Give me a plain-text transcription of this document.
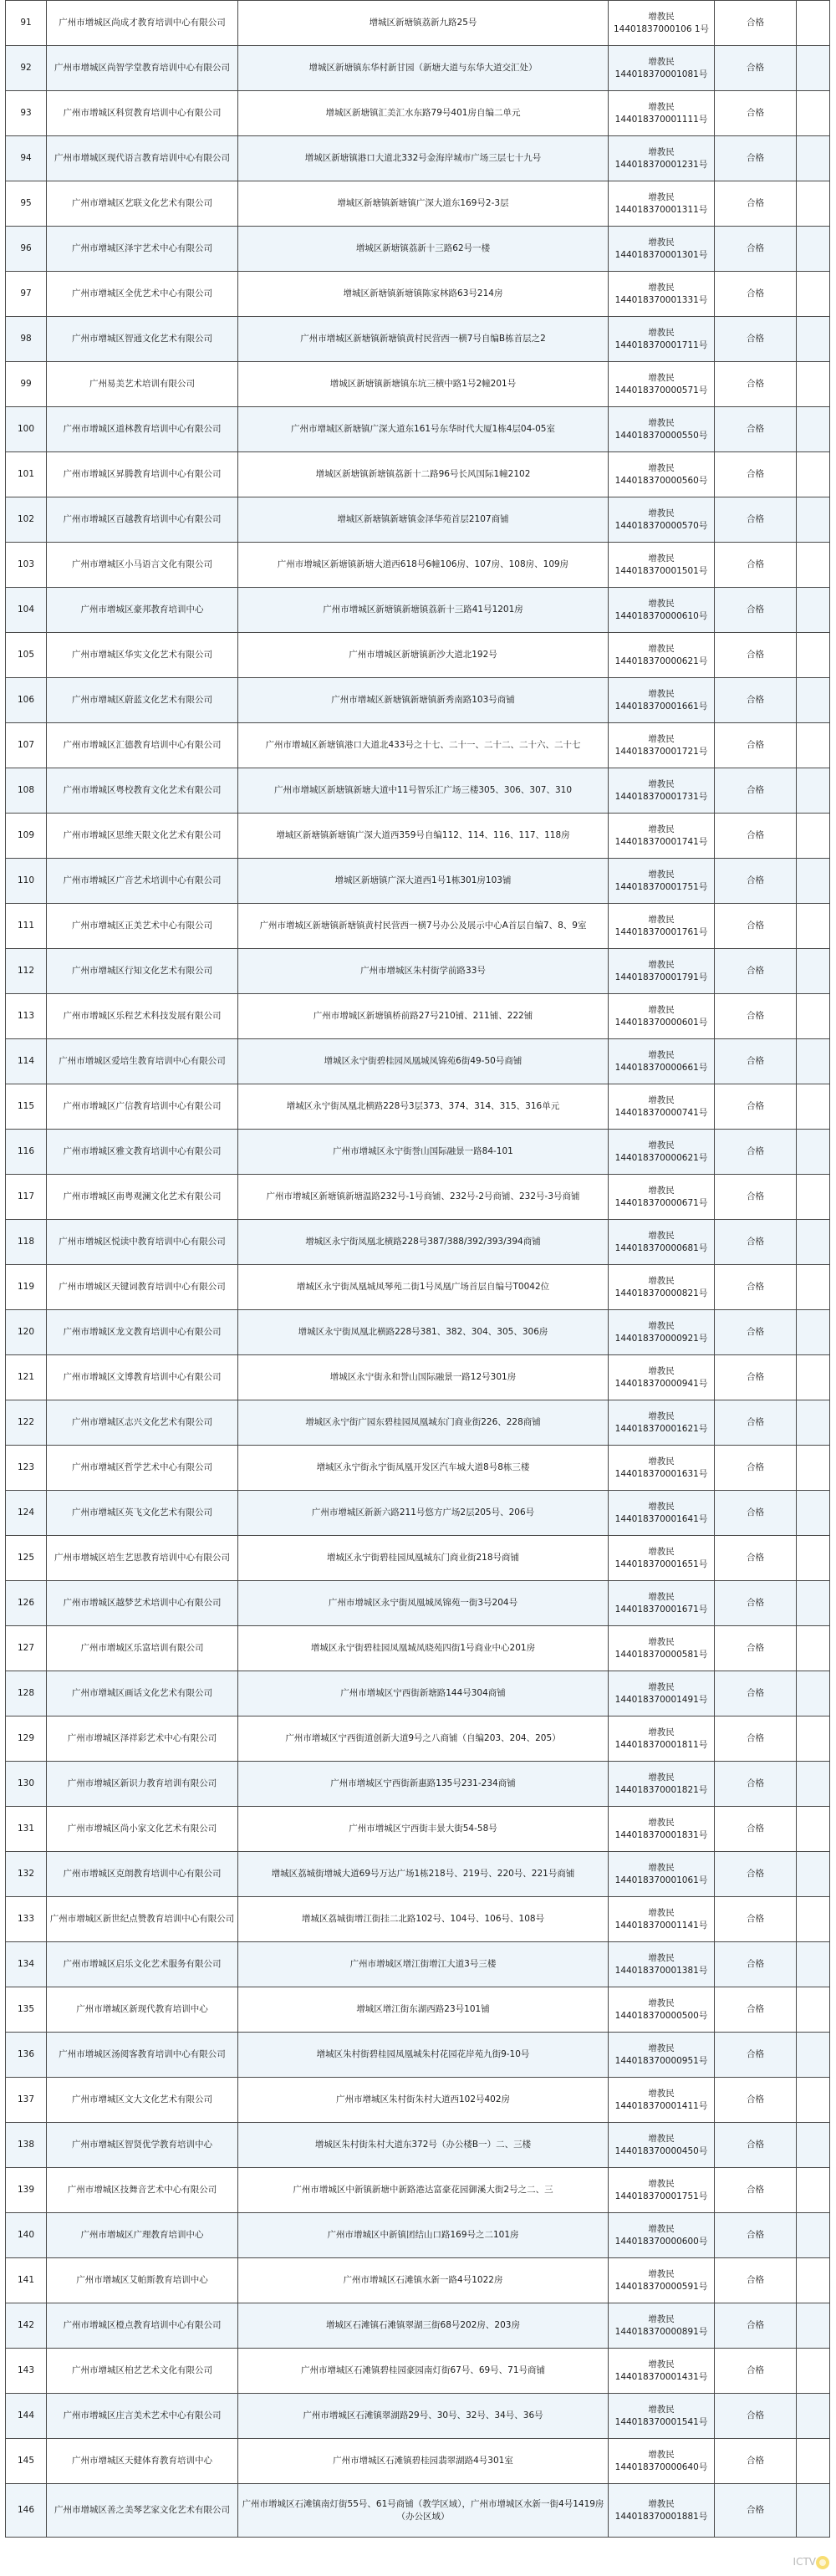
91	广州市增城区尚成才教育培训中心有限公司	增城区新塘镇荔新九路25号	增教民
14401837000106 1号	合格	
92	广州市增城区尚智学堂教育培训中心有限公司	增城区新塘镇东华村新甘园（新塘大道与东华大道交汇处）	增教民
144018370001081号	合格	
93	广州市增城区科贸教育培训中心有限公司	增城区新塘镇汇美汇水东路79号401房自编二单元	增教民
144018370001111号	合格	
94	广州市增城区现代语言教育培训中心有限公司	增城区新塘镇港口大道北332号金海岸城市广场三层七十九号	增教民
144018370001231号	合格	
95	广州市增城区艺联文化艺术有限公司	增城区新塘镇新塘镇广深大道东169号2-3层	增教民
144018370001311号	合格	
96	广州市增城区泽宇艺术中心有限公司	增城区新塘镇荔新十三路62号一楼	增教民
144018370001301号	合格	
97	广州市增城区全优艺术中心有限公司	增城区新塘镇新塘镇陈家林路63号214房	增教民
144018370001331号	合格	
98	广州市增城区智通文化艺术有限公司	广州市增城区新塘镇新塘镇黄村民营西一横7号自编B栋首层之2	增教民
144018370001711号	合格	
99	广州易美艺术培训有限公司	增城区新塘镇新塘镇东坑三横中路1号2幢201号	增教民
144018370000571号	合格	
100	广州市增城区道林教育培训中心有限公司	广州市增城区新塘镇广深大道东161号东华时代大厦1栋4层04-05室	增教民
144018370000550号	合格	
101	广州市增城区昇腾教育培训中心有限公司	增城区新塘镇新塘镇荔新十二路96号长风国际1幢2102	增教民
144018370000560号	合格	
102	广州市增城区百越教育培训中心有限公司	增城区新塘镇新塘镇金泽华苑首层2107商铺	增教民
144018370000570号	合格	
103	广州市增城区小马语言文化有限公司	广州市增城区新塘镇新塘大道西618号6幢106房、107房、108房、109房	增教民
144018370001501号	合格	
104	广州市增城区豪邦教育培训中心	广州市增城区新塘镇新塘镇荔新十三路41号1201房	增教民
144018370000610号	合格	
105	广州市增城区华实文化艺术有限公司	广州市增城区新塘镇新沙大道北192号	增教民
144018370000621号	合格	
106	广州市增城区蔚蓝文化艺术有限公司	广州市增城区新塘镇新塘镇新秀南路103号商铺	增教民
144018370001661号	合格	
107	广州市增城区汇德教育培训中心有限公司	广州市增城区新塘镇港口大道北433号之十七、二十一、二十二、二十六、二十七	增教民
144018370001721号	合格	
108	广州市增城区粤校教育文化艺术有限公司	广州市增城区新塘镇新塘大道中11号智乐汇广场三楼305、306、307、310	增教民
144018370001731号	合格	
109	广州市增城区思维天限文化艺术有限公司	增城区新塘镇新塘镇广深大道西359号自编112、114、116、117、118房	增教民
144018370001741号	合格	
110	广州市增城区广音艺术培训中心有限公司	增城区新塘镇广深大道西1号1栋301房103铺	增教民
144018370001751号	合格	
111	广州市增城区正美艺术中心有限公司	广州市增城区新塘镇新塘镇黄村民营西一横7号办公及展示中心A首层自编7、8、9室	增教民
144018370001761号	合格	
112	广州市增城区行知文化艺术有限公司	广州市增城区朱村街学前路33号	增教民
144018370001791号	合格	
113	广州市增城区乐程艺术科技发展有限公司	广州市增城区新塘镇桥前路27号210铺、211铺、222铺	增教民
144018370000601号	合格	
114	广州市增城区爱培生教育培训中心有限公司	增城区永宁街碧桂园凤凰城凤锦苑6街49-50号商铺	增教民
144018370000661号	合格	
115	广州市增城区广信教育培训中心有限公司	增城区永宁街凤凰北横路228号3层373、374、314、315、316单元	增教民
144018370000741号	合格	
116	广州市增城区雅文教育培训中心有限公司	广州市增城区永宁街誉山国际融景一路84-101	增教民
144018370000621号	合格	
117	广州市增城区南粤观澜文化艺术有限公司	广州市增城区新塘镇新塘温路232号-1号商铺、232号-2号商铺、232号-3号商铺	增教民
144018370000671号	合格	
118	广州市增城区悦读中教育培训中心有限公司	增城区永宁街凤凰北横路228号387/388/392/393/394商铺	增教民
144018370000681号	合格	
119	广州市增城区天键词教育培训中心有限公司	增城区永宁街凤凰城凤琴苑二街1号凤凰广场首层自编号T0042位	增教民
144018370000821号	合格	
120	广州市增城区龙文教育培训中心有限公司	增城区永宁街凤凰北横路228号381、382、304、305、306房	增教民
144018370000921号	合格	
121	广州市增城区文博教育培训中心有限公司	增城区永宁街永和誉山国际融景一路12号301房	增教民
144018370000941号	合格	
122	广州市增城区志兴文化艺术有限公司	增城区永宁街广园东碧桂园凤凰城东门商业街226、228商铺	增教民
144018370001621号	合格	
123	广州市增城区哲学艺术中心有限公司	增城区永宁街永宁街凤凰开发区汽车城大道8号8栋三楼	增教民
144018370001631号	合格	
124	广州市增城区英飞文化艺术有限公司	广州市增城区新新六路211号悠方广场2层205号、206号	增教民
144018370001641号	合格	
125	广州市增城区培生艺思教育培训中心有限公司	增城区永宁街碧桂园凤凰城东门商业街218号商铺	增教民
144018370001651号	合格	
126	广州市增城区越梦艺术培训中心有限公司	广州市增城区永宁街凤凰城凤锦苑一街3号204号	增教民
144018370001671号	合格	
127	广州市增城区乐富培训有限公司	增城区永宁街碧桂园凤凰城凤晓苑四街1号商业中心201房	增教民
144018370000581号	合格	
128	广州市增城区画话文化艺术有限公司	广州市增城区宁西街新塘路144号304商铺	增教民
144018370001491号	合格	
129	广州市增城区泽祥彩艺术中心有限公司	广州市增城区宁西街道创新大道9号之八商铺（自编203、204、205）	增教民
144018370001811号	合格	
130	广州市增城区新识力教育培训有限公司	广州市增城区宁西街新惠路135号231-234商铺	增教民
144018370001821号	合格	
131	广州市增城区尚小家文化艺术有限公司	广州市增城区宁西街丰景大街54-58号	增教民
144018370001831号	合格	
132	广州市增城区克朗教育培训中心有限公司	增城区荔城街增城大道69号万达广场1栋218号、219号、220号、221号商铺	增教民
144018370001061号	合格	
133	广州市增城区新世纪点赞教育培训中心有限公司	增城区荔城街增江街挂二北路102号、104号、106号、108号	增教民
144018370001141号	合格	
134	广州市增城区启乐文化艺术服务有限公司	广州市增城区增江街增江大道3号三楼	增教民
144018370001381号	合格	
135	广州市增城区新现代教育培训中心	增城区增江街东湖西路23号101铺	增教民
144018370000500号	合格	
136	广州市增城区汤阅客教育培训中心有限公司	增城区朱村街碧桂园凤凰城朱村花园花岸苑九街9-10号	增教民
144018370000951号	合格	
137	广州市增城区文大文化艺术有限公司	广州市增城区朱村街朱村大道西102号402房	增教民
144018370001411号	合格	
138	广州市增城区智贤优学教育培训中心	增城区朱村街朱村大道东372号（办公楼B一）二、三楼	增教民
144018370000450号	合格	
139	广州市增城区技舞音艺术中心有限公司	广州市增城区中新镇新塘中新路港达富豪花园御溪大街2号之二、三	增教民
144018370001751号	合格	
140	广州市增城区广理教育培训中心	广州市增城区中新镇团结山口路169号之二101房	增教民
144018370000600号	合格	
141	广州市增城区艾帕斯教育培训中心	广州市增城区石滩镇水新一路4号1022房	增教民
144018370000591号	合格	
142	广州市增城区橙点教育培训中心有限公司	增城区石滩镇石滩镇翠湖三街68号202房、203房	增教民
144018370000891号	合格	
143	广州市增城区柏艺艺术文化有限公司	广州市增城区石滩镇碧桂园豪园南灯街67号、69号、71号商铺	增教民
144018370001431号	合格	
144	广州市增城区庄言美术艺术中心有限公司	广州市增城区石滩镇翠湖路29号、30号、32号、34号、36号	增教民
144018370001541号	合格	
145	广州市增城区天健体育教育培训中心	广州市增城区石滩镇碧桂园翡翠湖路4号301室	增教民
144018370000640号	合格	
146	广州市增城区善之美琴艺家文化艺术有限公司	广州市增城区石滩镇南灯街55号、61号商铺（教学区域），广州市增城区水新一街4号1419房（办公区域）	增教民
144018370001881号	合格	
ICTV
